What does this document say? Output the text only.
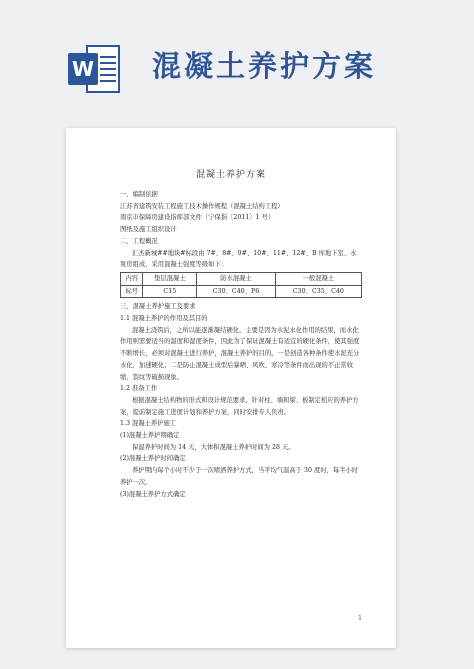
W 混凝土养护方案
混凝土养护方案

一、编制依据

江苏省建筑安装工程施工技术操作规程（混凝土结构工程）

南京市保障房建设指挥部文件（宁保指〔2011〕1 号）

图纸及施工组织设计

二、工程概况

汇杰新城##地块#标段由 7#、8#、9#、10#、11#、12#、B 库地下室、水泵房组成，采用混凝土强度等级如下：

内容	垫层混凝土	防水混凝土	一般混凝土
标号	C15	C30、C40、P6	C30、C35、C40

三、混凝土养护施工及要求

1.1 混凝土养护的作用及其目的

混凝土浇筑后，之所以能逐渐凝结硬化，主要是因为水泥水化作用的结果，而水化作用则需要适当的温度和湿度条件，因此为了保证混凝土有适宜的硬化条件，使其强度不断增长，必须对混凝土进行养护，混凝土养护的目的，一是创造各种条件使水泥充分水化，加速硬化；二是防止混凝土成型后暴晒、风吹、寒冷等条件而出现的不正常收缩、裂纹等破损现象。

1.2 准备工作

根据混凝土结构物的形式和设计规范要求，针对柱、墙和梁、板制定相应的养护方案，提前制定施工进度计划和养护方案，同时安排专人负责。

1.3 混凝土养护施工

(1)混凝土养护期确定

保湿养护时间为 14 天，大体积混凝土养护时间为 28 天。

(2)混凝土养护时间确定

养护期内每个小时不少于一次喷洒养护方式，当平均气温高于 30 度时，每半小时养护一次。

(3)混凝土养护方式确定

1
